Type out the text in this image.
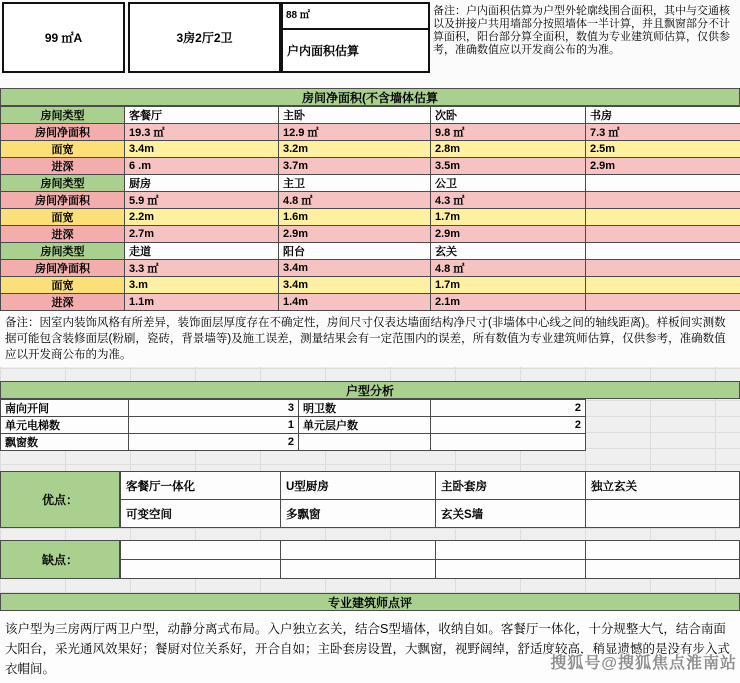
99 ㎡A	3房2厅2卫
88 ㎡
户内面积估算
备注：户内面积估算为户型外轮廓线围合面积，其中与交通核以及拼接户共用墙部分按照墙体一半计算，并且飘窗部分不计算面积，阳台部分算全面积，数值为专业建筑师估算，仅供参考，准确数值应以开发商公布的为准。
房间净面积(不含墙体估算
房间类型	客餐厅	主卧	次卧	书房
房间净面积	19.3 ㎡	12.9 ㎡	9.8 ㎡	7.3 ㎡
面宽	3.4m	3.2m	2.8m	2.5m
进深	6 .m	3.7m	3.5m	2.9m
房间类型	厨房	主卫	公卫	
房间净面积	5.9 ㎡	4.8 ㎡	4.3 ㎡	
面宽	2.2m	1.6m	1.7m	
进深	2.7m	2.9m	2.9m	
房间类型	走道	阳台	玄关	
房间净面积	3.3 ㎡	3.4m	4.8 ㎡	
面宽	3.m	3.4m	1.7m	
进深	1.1m	1.4m	2.1m	
备注：因室内装饰风格有所差异，装饰面层厚度存在不确定性，房间尺寸仅表达墙面结构净尺寸(非墙体中心线之间的轴线距离)。样板间实测数据可能包含装修面层(粉刷，瓷砖，背景墙等)及施工误差，测量结果会有一定范围内的误差，所有数值为专业建筑师估算，仅供参考，准确数值应以开发商公布的为准。
户型分析
南向开间	3	明卫数	2
单元电梯数	1	单元层户数	2
飘窗数	2		
优点：
客餐厅一体化	U型厨房	主卧套房	独立玄关
可变空间	多飘窗	玄关S墙	
缺点：

专业建筑师点评
该户型为三房两厅两卫户型，动静分离式布局。入户独立玄关，结合S型墙体，收纳自如。客餐厅一体化，十分规整大气，结合南面大阳台，采光通风效果好；餐厨对位关系好，开合自如；主卧套房设置，大飘窗，视野阔绰，舒适度较高，稍显遗憾的是没有步入式衣帽间。	搜狐号@搜狐焦点淮南站
